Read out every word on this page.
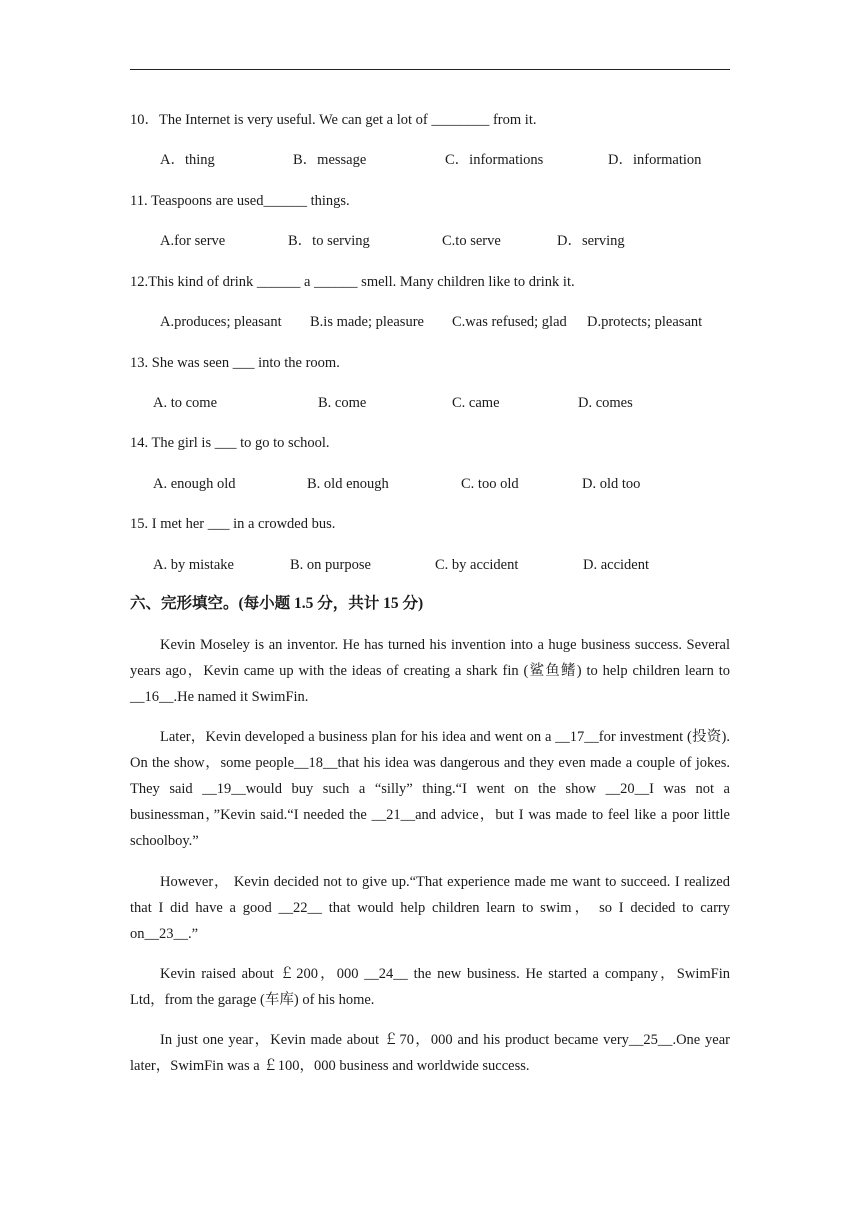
10．The Internet is very useful. We can get a lot of ________ from it.
A．thing	B．message	C．informations	D．information
11. Teaspoons are used______ things.
A.for serve	B．to serving	C.to serve	D．serving
12.This kind of drink ______ a ______ smell. Many children like to drink it.
A.produces; pleasant B.is made; pleasure C.was refused; glad D.protects; pleasant
13. She was seen ___ into the room.
A. to come	B. come	C. came	D. comes
14. The girl is ___ to go to school.
A. enough old	B. old enough	C. too old	D. old too
15. I met her ___ in a crowded bus.
A. by mistake	B. on purpose	C. by accident	D. accident
六、完形填空。(每小题 1.5 分，共计 15 分)
Kevin Moseley is an inventor. He has turned his invention into a huge business success. Several years ago，Kevin came up with the ideas of creating a shark fin (鲨鱼鳍) to help children learn to __16__.He named it SwimFin.
Later，Kevin developed a business plan for his idea and went on a __17__for investment (投资). On the show，some people__18__that his idea was dangerous and they even made a couple of jokes. They said __19__would buy such a “silly” thing.“I went on the show __20__I was not a businessman，”Kevin said.“I needed the __21__and advice，but I was made to feel like a poor little schoolboy.”
However， Kevin decided not to give up.“That experience made me want to succeed. I realized that I did have a good __22__ that would help children learn to swim， so I decided to carry on__23__.”
Kevin raised about ￡200，000 __24__ the new business. He started a company，SwimFin Ltd，from the garage (车库) of his home.
In just one year，Kevin made about ￡70，000 and his product became very__25__.One year later，SwimFin was a ￡100，000 business and worldwide success.
